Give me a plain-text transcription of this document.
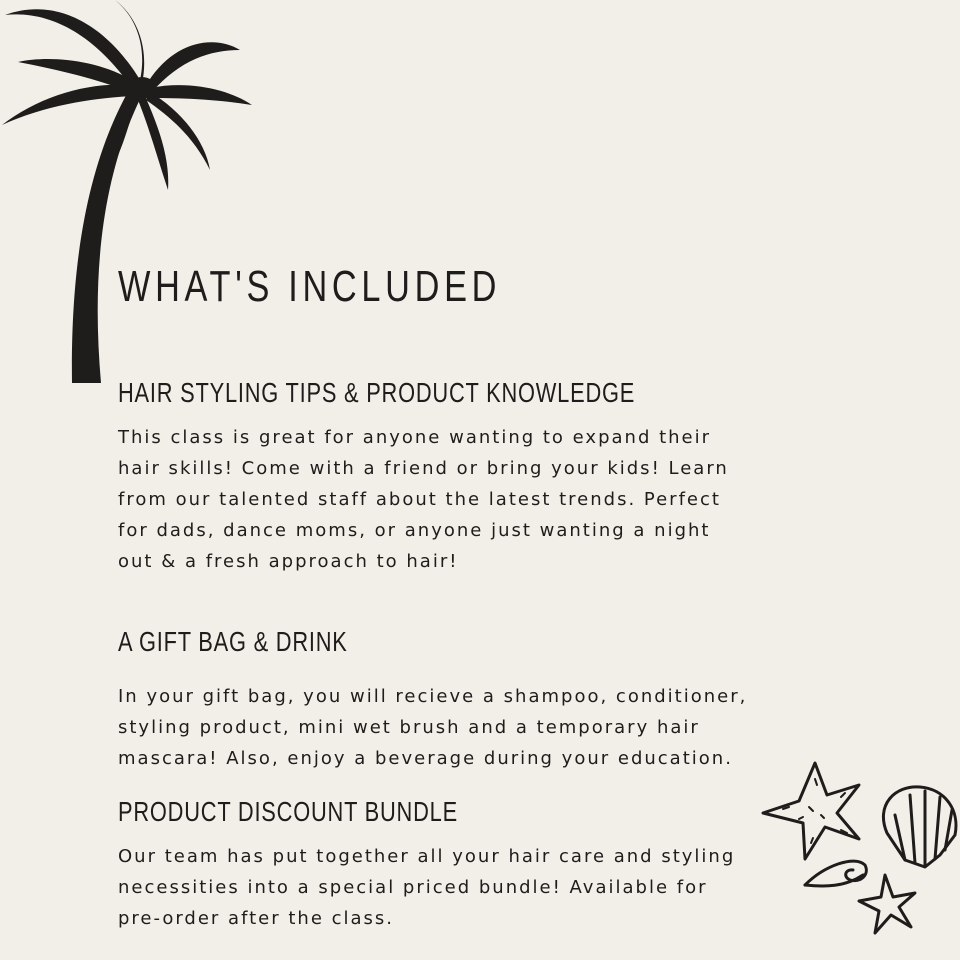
WHAT'S INCLUDED
HAIR STYLING TIPS & PRODUCT KNOWLEDGE

This class is great for anyone wanting to expand their
hair skills! Come with a friend or bring your kids! Learn
from our talented staff about the latest trends. Perfect
for dads, dance moms, or anyone just wanting a night
out & a fresh approach to hair!

A GIFT BAG & DRINK

In your gift bag, you will recieve a shampoo, conditioner,
styling product, mini wet brush and a temporary hair
mascara! Also, enjoy a beverage during your education.

PRODUCT DISCOUNT BUNDLE

Our team has put together all your hair care and styling
necessities into a special priced bundle! Available for
pre-order after the class.
